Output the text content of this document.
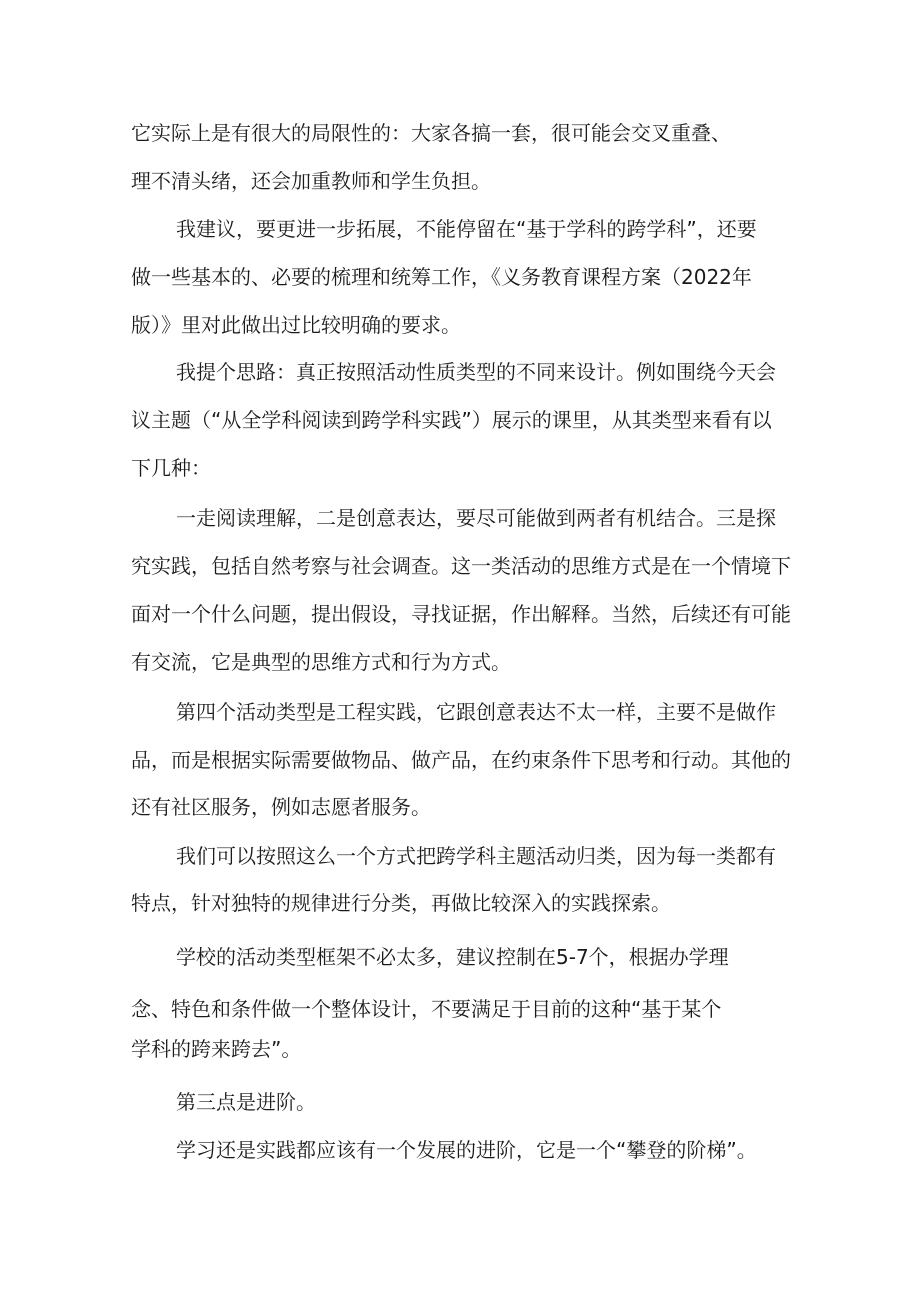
它实际上是有很大的局限性的：大家各搞一套，很可能会交叉重叠、
理不清头绪，还会加重教师和学生负担。
我建议，要更进一步拓展，不能停留在“基于学科的跨学科”，还要
做一些基本的、必要的梳理和统筹工作，《义务教育课程方案（2022年
版）》里对此做出过比较明确的要求。
我提个思路：真正按照活动性质类型的不同来设计。例如围绕今天会
议主题（“从全学科阅读到跨学科实践”）展示的课里，从其类型来看有以
下几种：
一走阅读理解，二是创意表达，要尽可能做到两者有机结合。三是探
究实践，包括自然考察与社会调查。这一类活动的思维方式是在一个情境下
面对一个什么问题，提出假设，寻找证据，作出解释。当然，后续还有可能
有交流，它是典型的思维方式和行为方式。
第四个活动类型是工程实践，它跟创意表达不太一样，主要不是做作
品，而是根据实际需要做物品、做产品，在约束条件下思考和行动。其他的
还有社区服务，例如志愿者服务。
我们可以按照这么一个方式把跨学科主题活动归类，因为每一类都有
特点，针对独特的规律进行分类，再做比较深入的实践探索。
学校的活动类型框架不必太多，建议控制在5-7个，根据办学理
念、特色和条件做一个整体设计，不要满足于目前的这种“基于某个
学科的跨来跨去”。
第三点是进阶。
学习还是实践都应该有一个发展的进阶，它是一个“攀登的阶梯”。
